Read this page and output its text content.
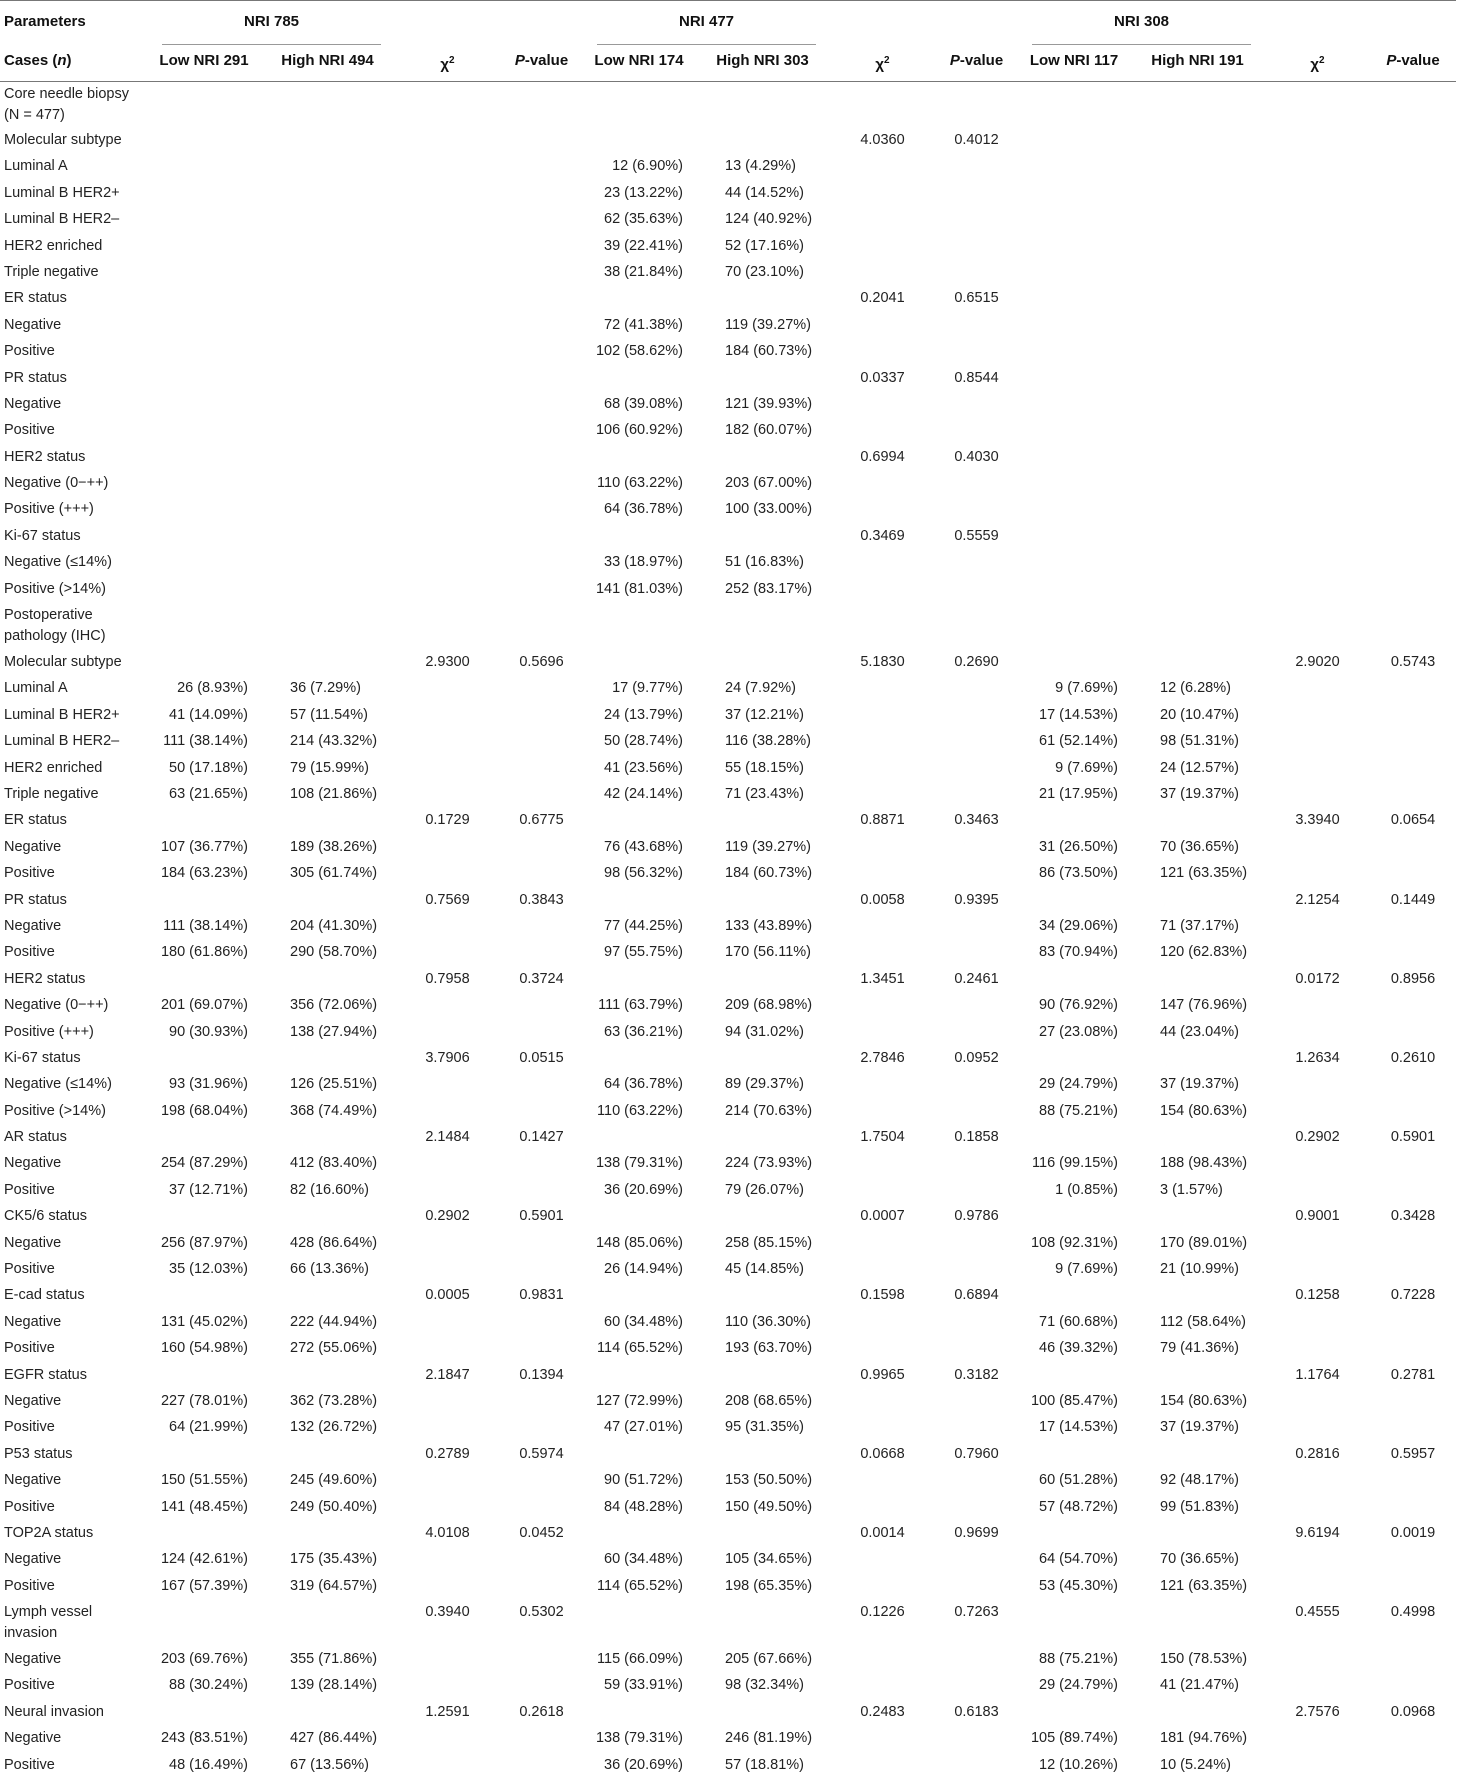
Parameters	NRI 785				NRI 477				NRI 308			

Cases (n)	Low NRI 291	High NRI 494	$\chi^2$	P-value	Low NRI 174	High NRI 303	$\chi^2$	P-value	Low NRI 117	High NRI 191	$\chi^2$	P-value
Core needle biopsy (N = 477)												
Molecular subtype							4.0360	0.4012				
Luminal A					12 (6.90%)	13 (4.29%)						
Luminal B HER2+					23 (13.22%)	44 (14.52%)						
Luminal B HER2–					62 (35.63%)	124 (40.92%)						
HER2 enriched					39 (22.41%)	52 (17.16%)						
Triple negative					38 (21.84%)	70 (23.10%)						
ER status							0.2041	0.6515				
Negative					72 (41.38%)	119 (39.27%)						
Positive					102 (58.62%)	184 (60.73%)						
PR status							0.0337	0.8544				
Negative					68 (39.08%)	121 (39.93%)						
Positive					106 (60.92%)	182 (60.07%)						
HER2 status							0.6994	0.4030				
Negative (0−++)					110 (63.22%)	203 (67.00%)						
Positive (+++)					64 (36.78%)	100 (33.00%)						
Ki-67 status							0.3469	0.5559				
Negative (≤14%)					33 (18.97%)	51 (16.83%)						
Positive (>14%)					141 (81.03%)	252 (83.17%)						
Postoperative pathology (IHC)												
Molecular subtype			2.9300	0.5696			5.1830	0.2690			2.9020	0.5743
Luminal A	26 (8.93%)	36 (7.29%)			17 (9.77%)	24 (7.92%)			9 (7.69%)	12 (6.28%)		
Luminal B HER2+	41 (14.09%)	57 (11.54%)			24 (13.79%)	37 (12.21%)			17 (14.53%)	20 (10.47%)		
Luminal B HER2–	111 (38.14%)	214 (43.32%)			50 (28.74%)	116 (38.28%)			61 (52.14%)	98 (51.31%)		
HER2 enriched	50 (17.18%)	79 (15.99%)			41 (23.56%)	55 (18.15%)			9 (7.69%)	24 (12.57%)		
Triple negative	63 (21.65%)	108 (21.86%)			42 (24.14%)	71 (23.43%)			21 (17.95%)	37 (19.37%)		
ER status			0.1729	0.6775			0.8871	0.3463			3.3940	0.0654
Negative	107 (36.77%)	189 (38.26%)			76 (43.68%)	119 (39.27%)			31 (26.50%)	70 (36.65%)		
Positive	184 (63.23%)	305 (61.74%)			98 (56.32%)	184 (60.73%)			86 (73.50%)	121 (63.35%)		
PR status			0.7569	0.3843			0.0058	0.9395			2.1254	0.1449
Negative	111 (38.14%)	204 (41.30%)			77 (44.25%)	133 (43.89%)			34 (29.06%)	71 (37.17%)		
Positive	180 (61.86%)	290 (58.70%)			97 (55.75%)	170 (56.11%)			83 (70.94%)	120 (62.83%)		
HER2 status			0.7958	0.3724			1.3451	0.2461			0.0172	0.8956
Negative (0−++)	201 (69.07%)	356 (72.06%)			111 (63.79%)	209 (68.98%)			90 (76.92%)	147 (76.96%)		
Positive (+++)	90 (30.93%)	138 (27.94%)			63 (36.21%)	94 (31.02%)			27 (23.08%)	44 (23.04%)		
Ki-67 status			3.7906	0.0515			2.7846	0.0952			1.2634	0.2610
Negative (≤14%)	93 (31.96%)	126 (25.51%)			64 (36.78%)	89 (29.37%)			29 (24.79%)	37 (19.37%)		
Positive (>14%)	198 (68.04%)	368 (74.49%)			110 (63.22%)	214 (70.63%)			88 (75.21%)	154 (80.63%)		
AR status			2.1484	0.1427			1.7504	0.1858			0.2902	0.5901
Negative	254 (87.29%)	412 (83.40%)			138 (79.31%)	224 (73.93%)			116 (99.15%)	188 (98.43%)		
Positive	37 (12.71%)	82 (16.60%)			36 (20.69%)	79 (26.07%)			1 (0.85%)	3 (1.57%)		
CK5/6 status			0.2902	0.5901			0.0007	0.9786			0.9001	0.3428
Negative	256 (87.97%)	428 (86.64%)			148 (85.06%)	258 (85.15%)			108 (92.31%)	170 (89.01%)		
Positive	35 (12.03%)	66 (13.36%)			26 (14.94%)	45 (14.85%)			9 (7.69%)	21 (10.99%)		
E-cad status			0.0005	0.9831			0.1598	0.6894			0.1258	0.7228
Negative	131 (45.02%)	222 (44.94%)			60 (34.48%)	110 (36.30%)			71 (60.68%)	112 (58.64%)		
Positive	160 (54.98%)	272 (55.06%)			114 (65.52%)	193 (63.70%)			46 (39.32%)	79 (41.36%)		
EGFR status			2.1847	0.1394			0.9965	0.3182			1.1764	0.2781
Negative	227 (78.01%)	362 (73.28%)			127 (72.99%)	208 (68.65%)			100 (85.47%)	154 (80.63%)		
Positive	64 (21.99%)	132 (26.72%)			47 (27.01%)	95 (31.35%)			17 (14.53%)	37 (19.37%)		
P53 status			0.2789	0.5974			0.0668	0.7960			0.2816	0.5957
Negative	150 (51.55%)	245 (49.60%)			90 (51.72%)	153 (50.50%)			60 (51.28%)	92 (48.17%)		
Positive	141 (48.45%)	249 (50.40%)			84 (48.28%)	150 (49.50%)			57 (48.72%)	99 (51.83%)		
TOP2A status			4.0108	0.0452			0.0014	0.9699			9.6194	0.0019
Negative	124 (42.61%)	175 (35.43%)			60 (34.48%)	105 (34.65%)			64 (54.70%)	70 (36.65%)		
Positive	167 (57.39%)	319 (64.57%)			114 (65.52%)	198 (65.35%)			53 (45.30%)	121 (63.35%)		
Lymph vessel invasion			0.3940	0.5302			0.1226	0.7263			0.4555	0.4998
Negative	203 (69.76%)	355 (71.86%)			115 (66.09%)	205 (67.66%)			88 (75.21%)	150 (78.53%)		
Positive	88 (30.24%)	139 (28.14%)			59 (33.91%)	98 (32.34%)			29 (24.79%)	41 (21.47%)		
Neural invasion			1.2591	0.2618			0.2483	0.6183			2.7576	0.0968
Negative	243 (83.51%)	427 (86.44%)			138 (79.31%)	246 (81.19%)			105 (89.74%)	181 (94.76%)		
Positive	48 (16.49%)	67 (13.56%)			36 (20.69%)	57 (18.81%)			12 (10.26%)	10 (5.24%)		
